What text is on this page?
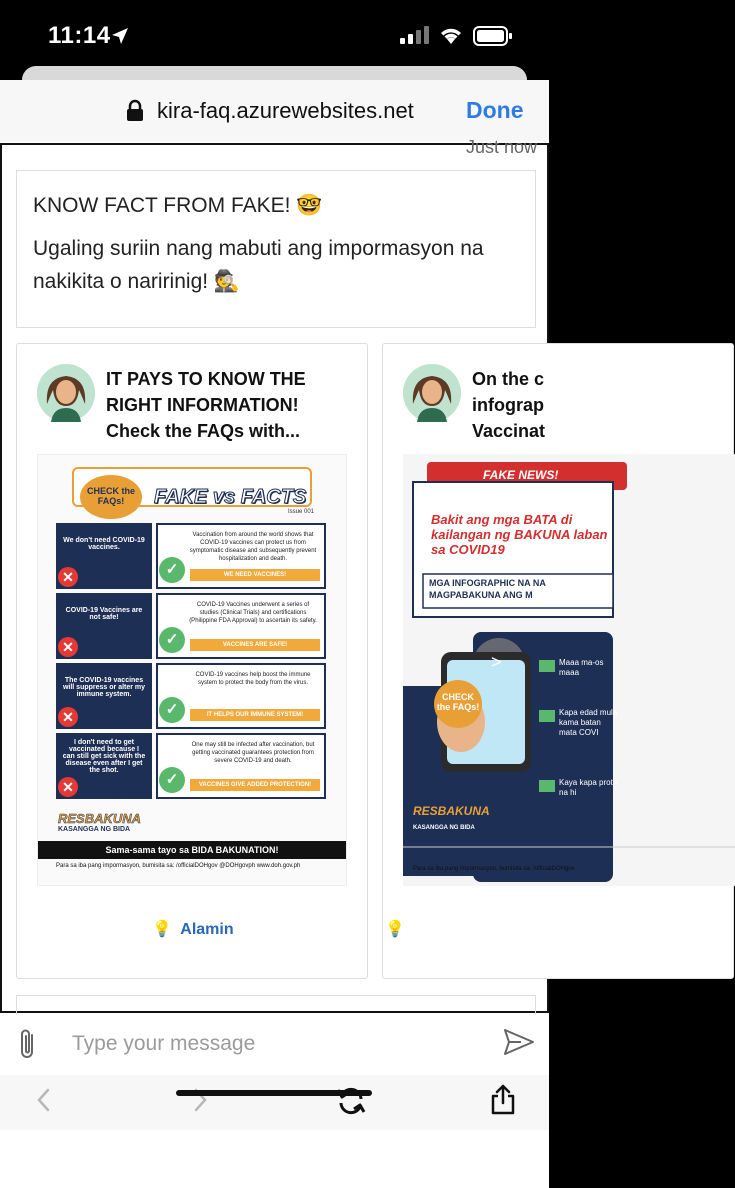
11:14
kira-faq.azurewebsites.net Done
Just now

KNOW FACT FROM FAKE! 🤓

Ugaling suriin nang mabuti ang impormasyon na nakikita o naririnig! 🕵️

IT PAYS TO KNOW THE
RIGHT INFORMATION!
Check the FAQs with...
CHECK the FAQs!	FAKE vs FACTS
Issue 001
We don't need COVID-19 vaccines.
✕
Vaccination from around the world shows that COVID-19 vaccines can protect us from symptomatic disease and subsequently prevent hospitalization and death.
✓	WE NEED VACCINES!
COVID-19 Vaccines are not safe!
✕
COVID-19 Vaccines underwent a series of studies (Clinical Trials) and certifications (Philippine FDA Approval) to ascertain its safety.
✓	VACCINES ARE SAFE!
The COVID-19 vaccines will suppress or alter my immune system.
✕
COVID-19 vaccines help boost the immune system to protect the body from the virus.
✓	IT HELPS OUR IMMUNE SYSTEM!
I don't need to get vaccinated because I can still get sick with the disease even after I get the shot.
✕
One may still be infected after vaccination, but getting vaccinated guarantees protection from severe COVID-19 and death.
✓	VACCINES GIVE ADDED PROTECTION!
RESBAKUNA
KASANGGA NG BIDA
Sama-sama tayo sa BIDA BAKUNATION!
Para sa iba pang impormasyon, bumisita sa: /officialDOHgov @DOHgovph www.doh.gov.ph
💡 Alamin
On the c
infograp
Vaccinat
FAKE NEWS!
Bakit ang mga BATA di kailangan ng BAKUNA laban sa COVID19
MGA INFOGRAPHIC NA NA MAGPABAKUNA ANG M
CHECK the FAQs!
Maaa ma-os maaa
Kapa edad mula kama batan mata COVI
Kaya kapa prote na hi
RESBAKUNA
KASANGGA NG BIDA
Para sa iba pang impormasyon, bumisita sa: /officialDOHgov
>
💡
Type your message
